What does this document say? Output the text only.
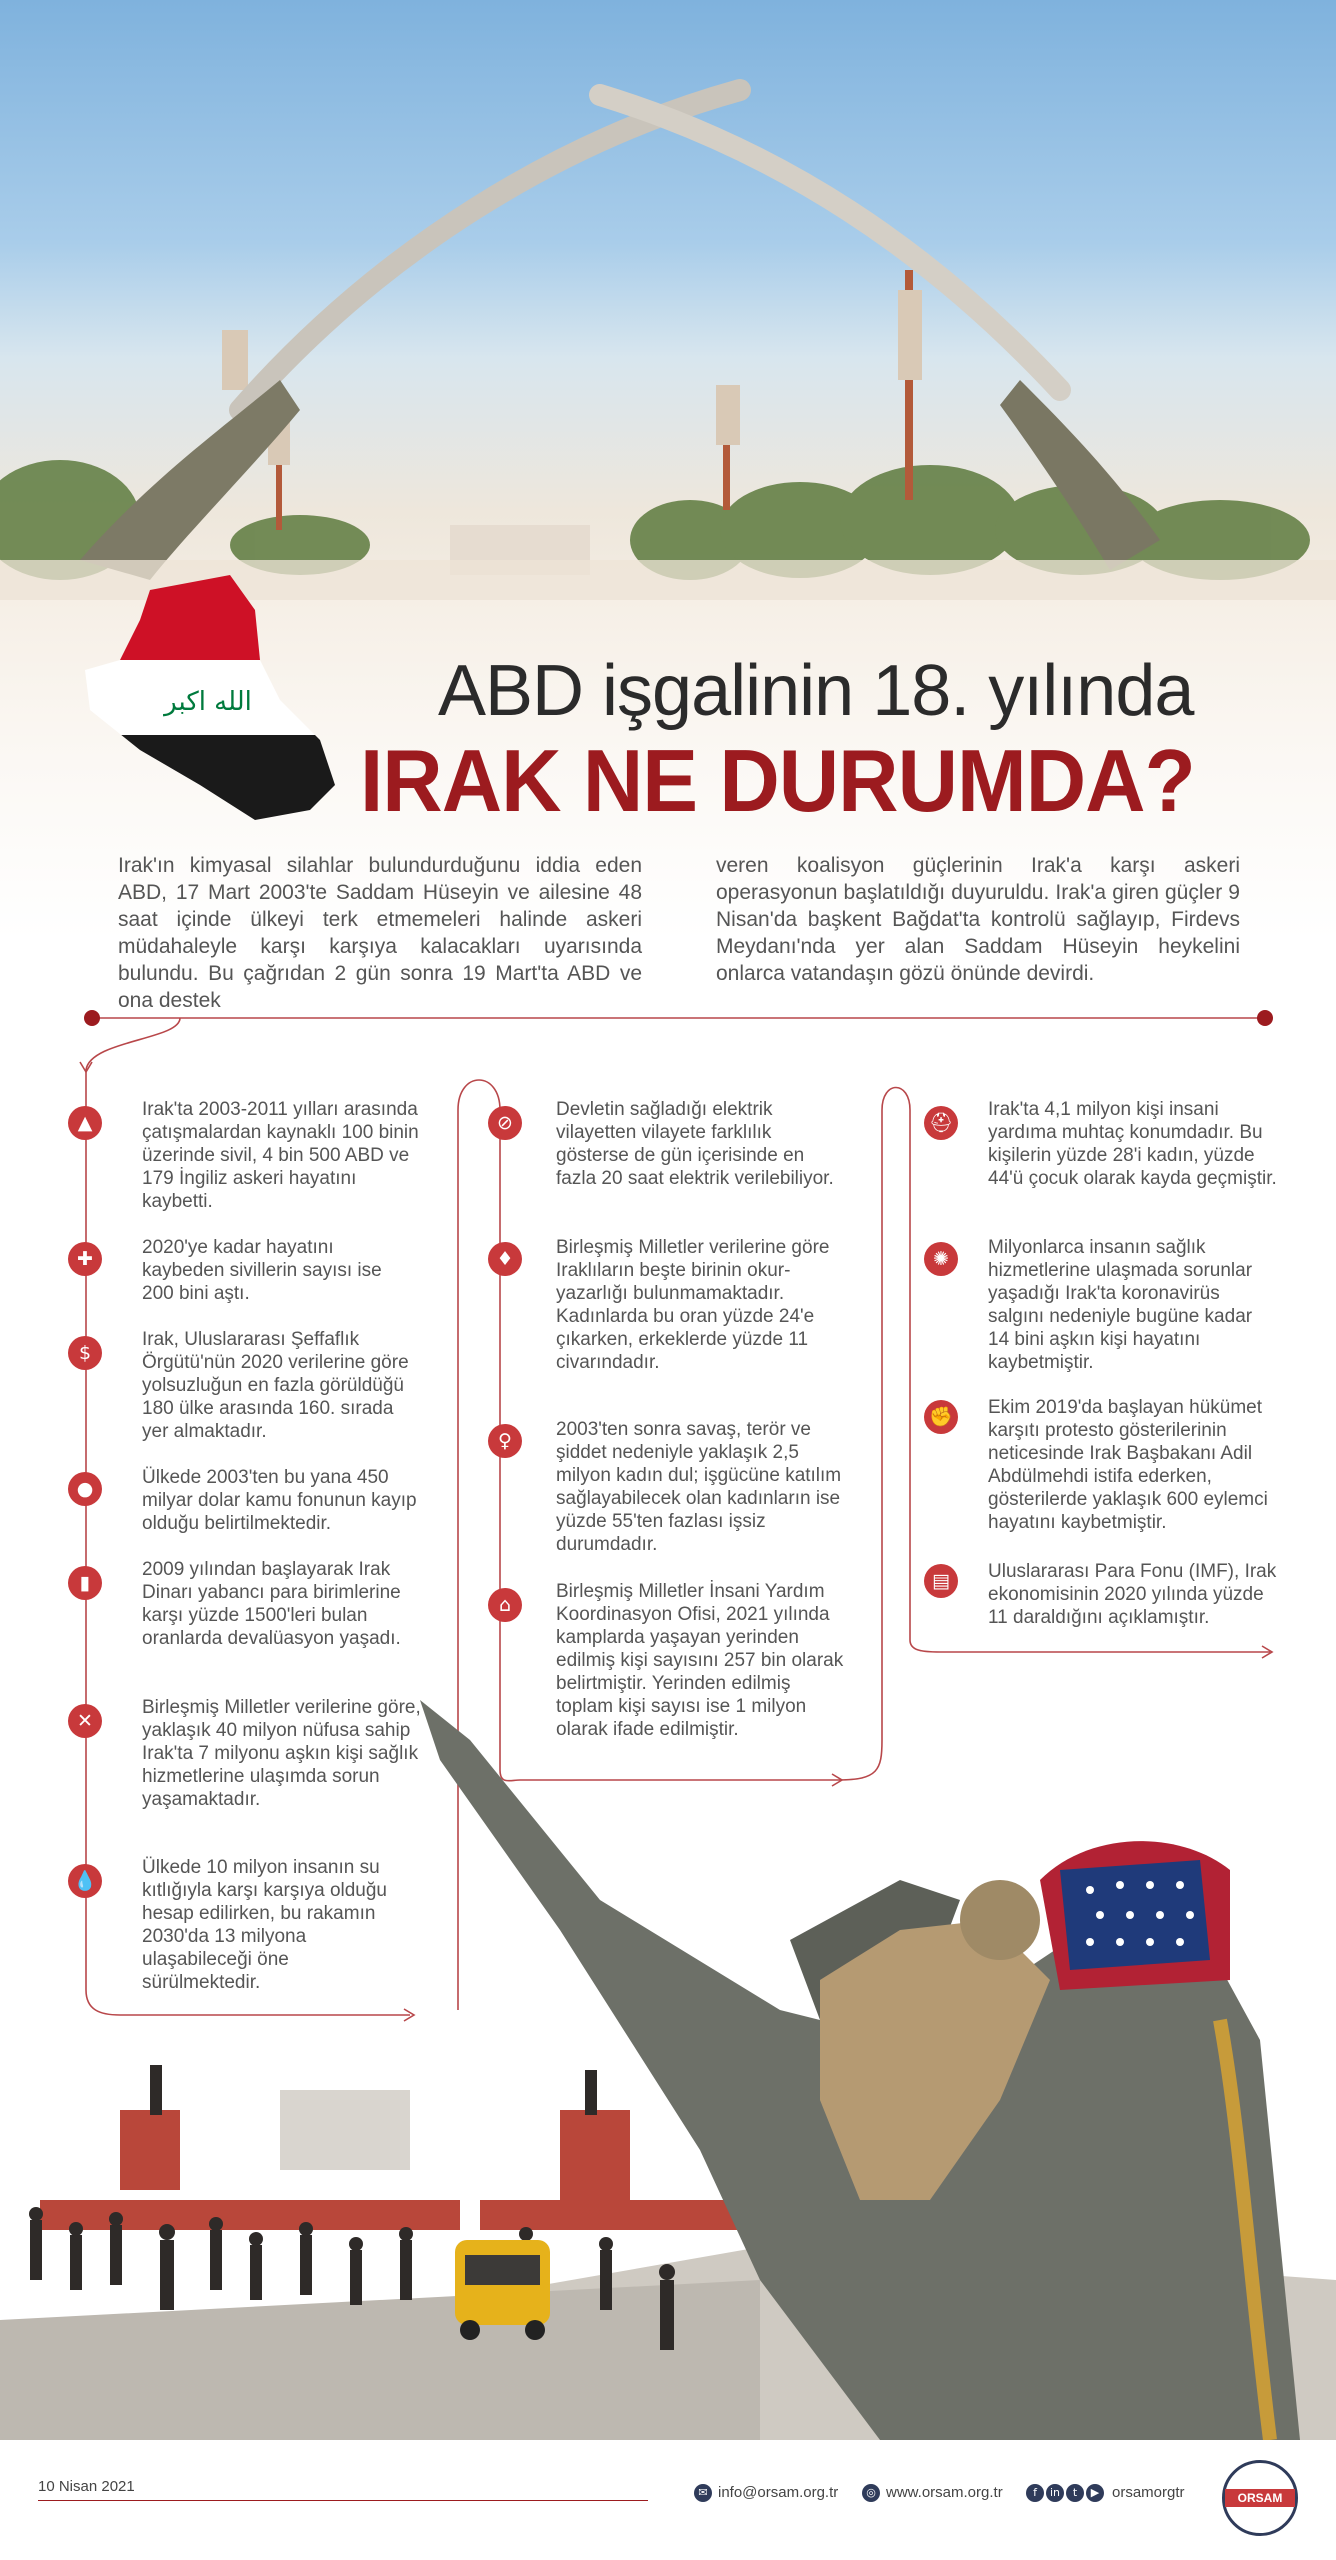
الله اكبر	ABD işgalinin 18. yılında
IRAK NE DURUMDA?

Irak'ın kimyasal silahlar bulundurduğunu iddia eden ABD, 17 Mart 2003'te Saddam Hüseyin ve ailesine 48 saat içinde ülkeyi terk etmemeleri halinde askeri müdahaleyle karşı karşıya kalacakları uyarısında bulundu. Bu çağrıdan 2 gün sonra 19 Mart'ta ABD ve ona destek

veren koalisyon güçlerinin Irak'a karşı askeri operasyonun başlatıldığı duyuruldu. Irak'a giren güçler 9 Nisan'da başkent Bağdat'ta kontrolü sağlayıp, Firdevs Meydanı'nda yer alan Saddam Hüseyin heykelini onlarca vatandaşın gözü önünde devirdi.

▲

Irak'ta 2003-2011 yılları arasında çatışmalardan kaynaklı 100 binin üzerinde sivil, 4 bin 500 ABD ve 179 İngiliz askeri hayatını kaybetti.

✚

2020'ye kadar hayatını kaybeden sivillerin sayısı ise 200 bini aştı.

$

Irak, Uluslararası Şeffaflık Örgütü'nün 2020 verilerine göre yolsuzluğun en fazla görüldüğü 180 ülke arasında 160. sırada yer almaktadır.

●

Ülkede 2003'ten bu yana 450 milyar dolar kamu fonunun kayıp olduğu belirtilmektedir.

▮

2009 yılından başlayarak Irak Dinarı yabancı para birimlerine karşı yüzde 1500'leri bulan oranlarda devalüasyon yaşadı.

✕

Birleşmiş Milletler verilerine göre, yaklaşık 40 milyon nüfusa sahip Irak'ta 7 milyonu aşkın kişi sağlık hizmetlerine ulaşımda sorun yaşamaktadır.

💧

Ülkede 10 milyon insanın su kıtlığıyla karşı karşıya olduğu hesap edilirken, bu rakamın 2030'da 13 milyona ulaşabileceği öne sürülmektedir.

⊘

Devletin sağladığı elektrik vilayetten vilayete farklılık gösterse de gün içerisinde en fazla 20 saat elektrik verilebiliyor.

♦

Birleşmiş Milletler verilerine göre Iraklıların beşte birinin okur-yazarlığı bulunmamaktadır. Kadınlarda bu oran yüzde 24'e çıkarken, erkeklerde yüzde 11 civarındadır.

♀

2003'ten sonra savaş, terör ve şiddet nedeniyle yaklaşık 2,5 milyon kadın dul; işgücüne katılım sağlayabilecek olan kadınların ise yüzde 55'ten fazlası işsiz durumdadır.

⌂

Birleşmiş Milletler İnsani Yardım Koordinasyon Ofisi, 2021 yılında kamplarda yaşayan yerinden edilmiş kişi sayısını 257 bin olarak belirtmiştir. Yerinden edilmiş toplam kişi sayısı ise 1 milyon olarak ifade edilmiştir.

⛑

Irak'ta 4,1 milyon kişi insani yardıma muhtaç konumdadır. Bu kişilerin yüzde 28'i kadın, yüzde 44'ü çocuk olarak kayda geçmiştir.

✺

Milyonlarca insanın sağlık hizmetlerine ulaşmada sorunlar yaşadığı Irak'ta koronavirüs salgını nedeniyle bugüne kadar 14 bini aşkın kişi hayatını kaybetmiştir.

✊ Ekim 2019'da başlayan hükümet karşıtı protesto gösterilerinin neticesinde Irak Başbakanı Adil Abdülmehdi istifa ederken, gösterilerde yaklaşık 600 eylemci hayatını kaybetmiştir.

▤	Uluslararası Para Fonu (IMF), Irak ekonomisinin 2020 yılında yüzde 11 daraldığını açıklamıştır.

10 Nisan 2021	✉ info@orsam.org.tr	◎ www.orsam.org.tr	f	in	t	▶ orsamorgtr	ORSAM
